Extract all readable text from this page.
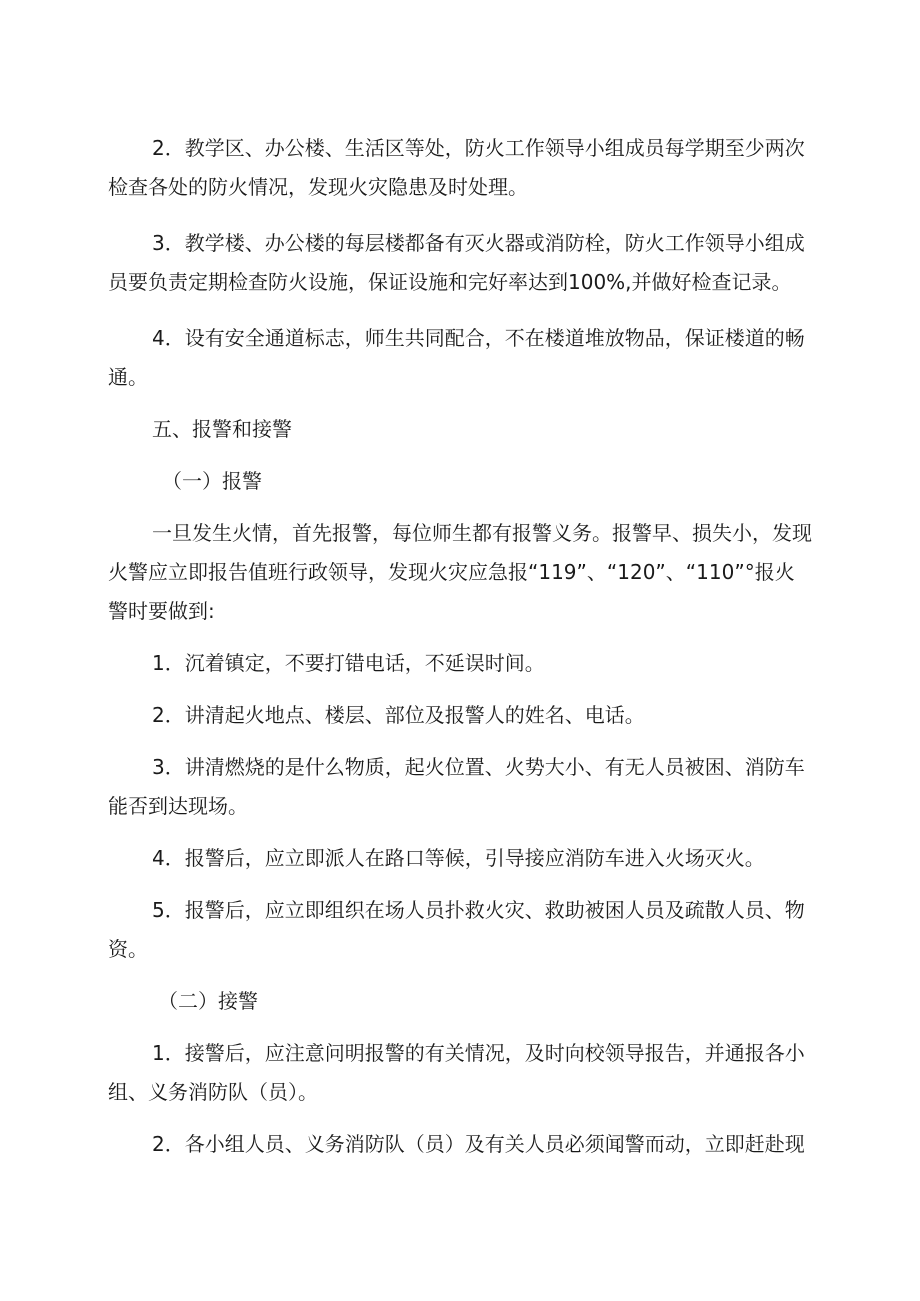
2．教学区、办公楼、生活区等处，防火工作领导小组成员每学期至少两次检查各处的防火情况，发现火灾隐患及时处理。

3．教学楼、办公楼的每层楼都备有灭火器或消防栓，防火工作领导小组成员要负责定期检查防火设施，保证设施和完好率达到100%,并做好检查记录。

4．设有安全通道标志，师生共同配合，不在楼道堆放物品，保证楼道的畅通。

五、报警和接警

（一）报警

一旦发生火情，首先报警，每位师生都有报警义务。报警早、损失小，发现火警应立即报告值班行政领导，发现火灾应急报“119”、“120”、“110”°报火警时要做到:

1．沉着镇定，不要打错电话，不延误时间。

2．讲清起火地点、楼层、部位及报警人的姓名、电话。

3．讲清燃烧的是什么物质，起火位置、火势大小、有无人员被困、消防车能否到达现场。

4．报警后，应立即派人在路口等候，引导接应消防车进入火场灭火。

5．报警后，应立即组织在场人员扑救火灾、救助被困人员及疏散人员、物资。

（二）接警

1．接警后，应注意问明报警的有关情况，及时向校领导报告，并通报各小组、义务消防队（员）。

2．各小组人员、义务消防队（员）及有关人员必须闻警而动，立即赶赴现
